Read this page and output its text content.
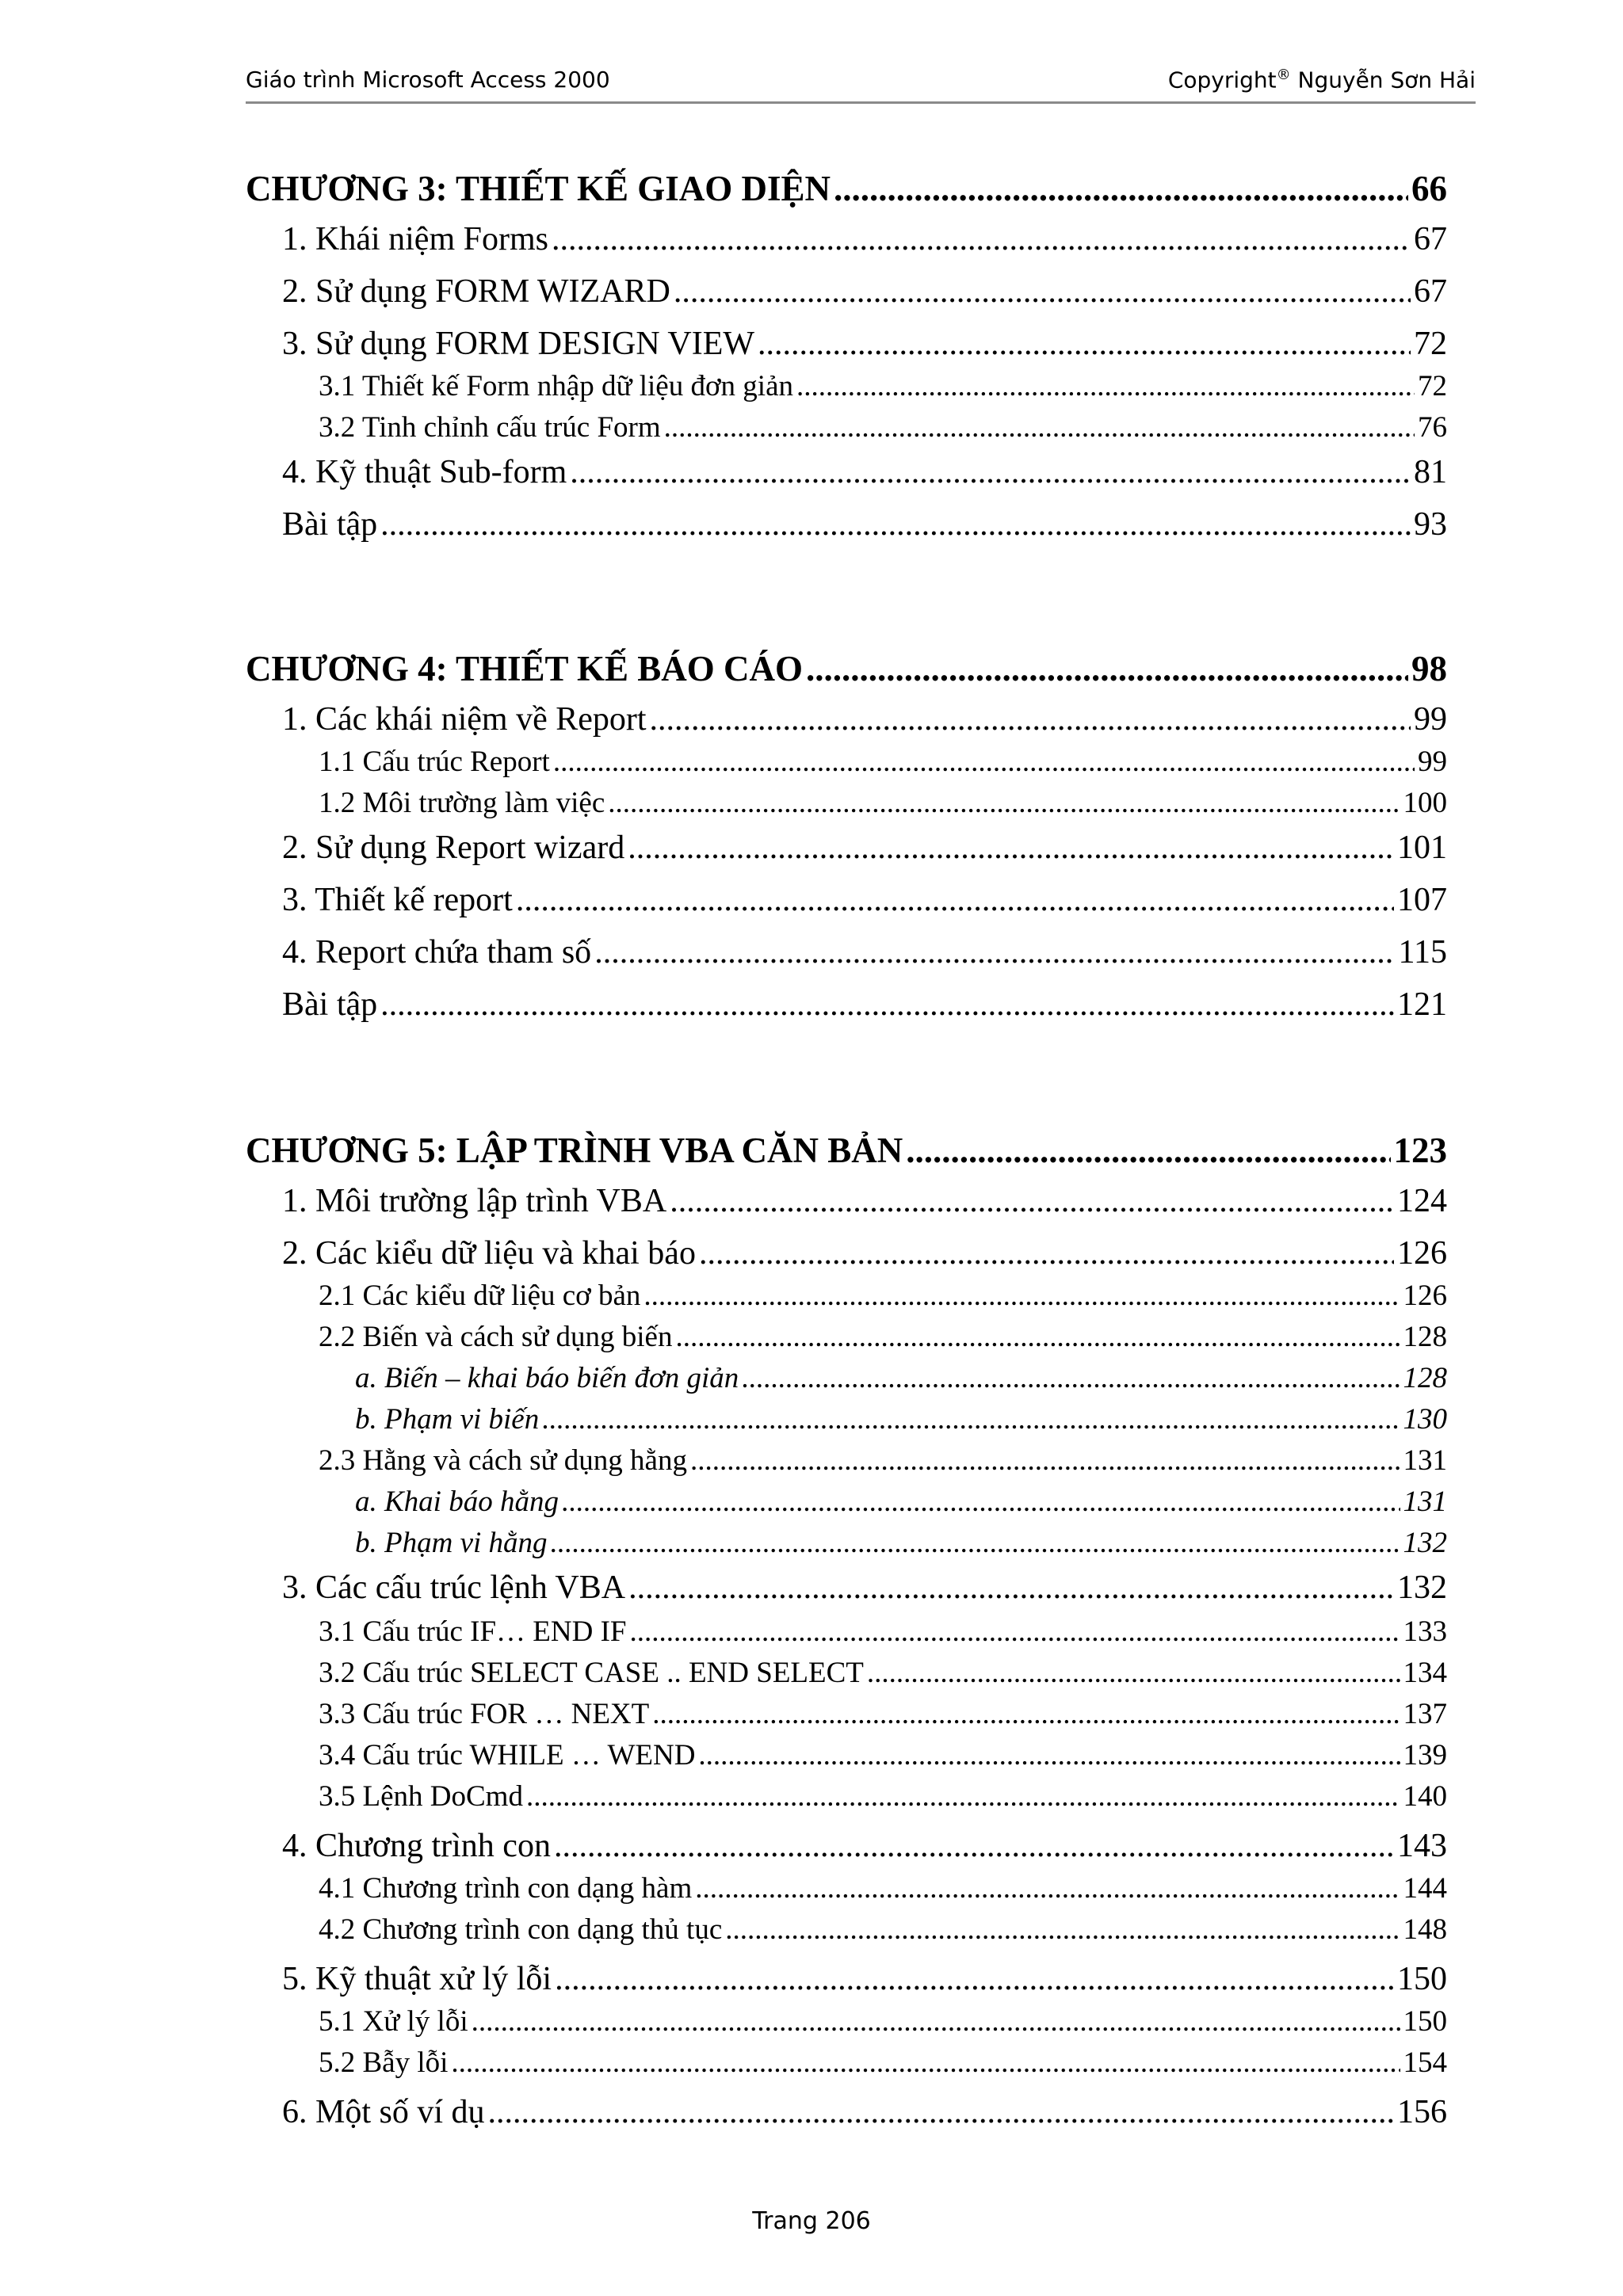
Giáo trình Microsoft Access 2000	Copyright® Nguyễn Sơn Hải
CHƯƠNG 3: THIẾT KẾ GIAO DIỆN .....	66
1. Khái niệm Forms .....	67
2. Sử dụng FORM WIZARD .....	67
3. Sử dụng FORM DESIGN VIEW .....	72
3.1 Thiết kế Form nhập dữ liệu đơn giản .....	72
3.2 Tinh chỉnh cấu trúc Form .....	76
4. Kỹ thuật Sub-form .....	81
Bài tập .....	93
CHƯƠNG 4: THIẾT KẾ BÁO CÁO .....	98
1. Các khái niệm về Report .....	99
1.1 Cấu trúc Report .....	99
1.2 Môi trường làm việc .....	100
2. Sử dụng Report wizard .....	101
3. Thiết kế report .....	107
4. Report chứa tham số .....	115
Bài tập .....	121
CHƯƠNG 5: LẬP TRÌNH VBA CĂN BẢN .....	123
1. Môi trường lập trình VBA .....	124
2. Các kiểu dữ liệu và khai báo .....	126
2.1 Các kiểu dữ liệu cơ bản .....	126
2.2 Biến và cách sử dụng biến .....	128
a. Biến – khai báo biến đơn giản .....	128
b. Phạm vi biến .....	130
2.3 Hằng và cách sử dụng hằng .....	131
a. Khai báo hằng .....	131
b. Phạm vi hằng .....	132
3. Các cấu trúc lệnh VBA .....	132
3.1 Cấu trúc IF… END IF .....	133
3.2 Cấu trúc SELECT CASE .. END SELECT .....	134
3.3 Cấu trúc FOR … NEXT .....	137
3.4 Cấu trúc WHILE … WEND .....	139
3.5 Lệnh DoCmd .....	140
4. Chương trình con .....	143
4.1 Chương trình con dạng hàm .....	144
4.2 Chương trình con dạng thủ tục .....	148
5. Kỹ thuật xử lý lỗi .....	150
5.1 Xử lý lỗi .....	150
5.2 Bẫy lỗi .....	154
6. Một số ví dụ .....	156
Trang 206
